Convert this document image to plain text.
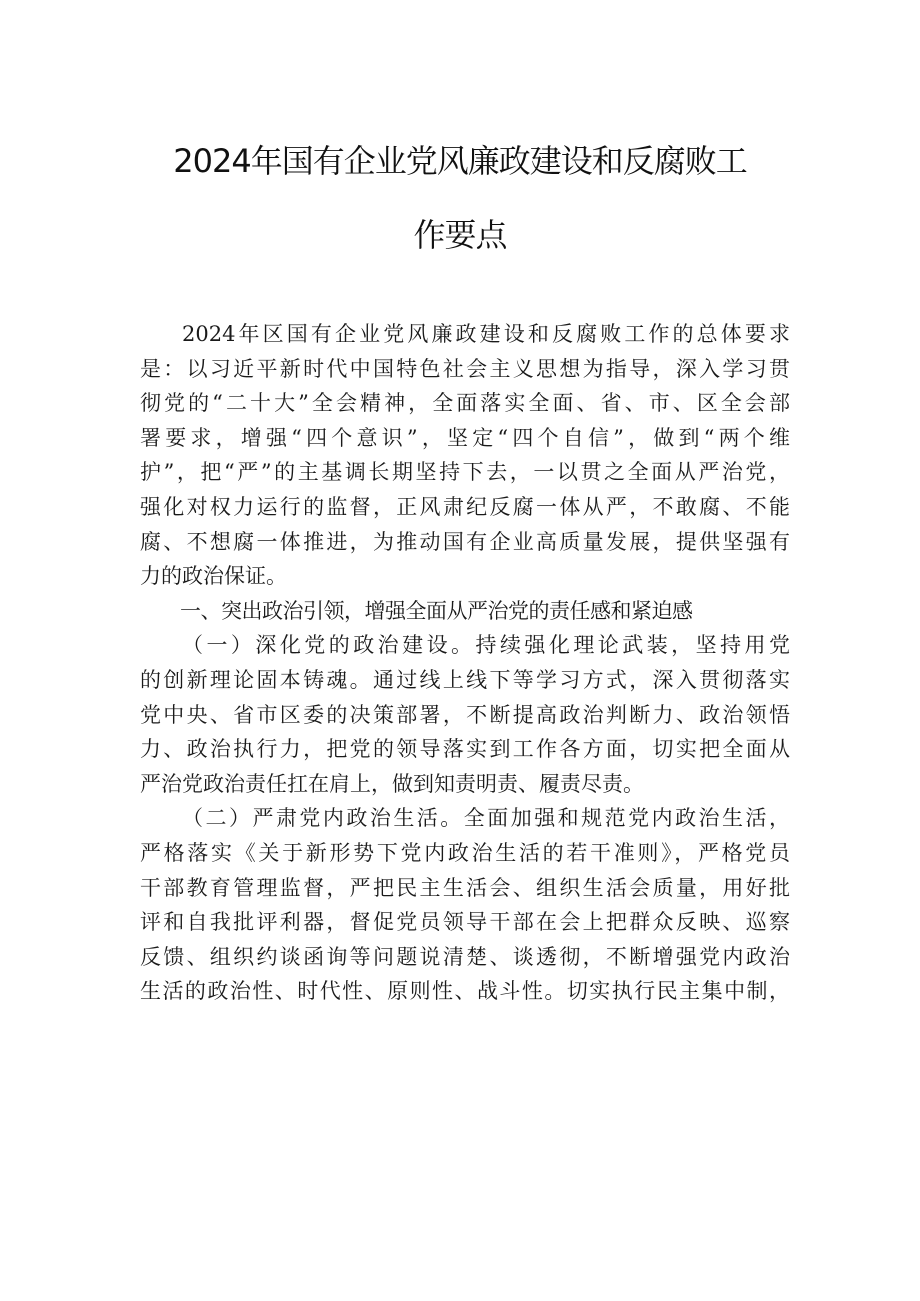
2024年国有企业党风廉政建设和反腐败工
作要点
2024年区国有企业党风廉政建设和反腐败工作的总体要求
是：以习近平新时代中国特色社会主义思想为指导，深入学习贯
彻党的“二十大”全会精神，全面落实全面、省、市、区全会部
署要求，增强“四个意识”，坚定“四个自信”，做到“两个维
护”，把“严”的主基调长期坚持下去，一以贯之全面从严治党，
强化对权力运行的监督，正风肃纪反腐一体从严，不敢腐、不能
腐、不想腐一体推进，为推动国有企业高质量发展，提供坚强有
力的政治保证。
一、突出政治引领，增强全面从严治党的责任感和紧迫感
（一）深化党的政治建设。持续强化理论武装，坚持用党
的创新理论固本铸魂。通过线上线下等学习方式，深入贯彻落实
党中央、省市区委的决策部署，不断提高政治判断力、政治领悟
力、政治执行力，把党的领导落实到工作各方面，切实把全面从
严治党政治责任扛在肩上，做到知责明责、履责尽责。
（二）严肃党内政治生活。全面加强和规范党内政治生活，
严格落实《关于新形势下党内政治生活的若干准则》，严格党员
干部教育管理监督，严把民主生活会、组织生活会质量，用好批
评和自我批评利器，督促党员领导干部在会上把群众反映、巡察
反馈、组织约谈函询等问题说清楚、谈透彻，不断增强党内政治
生活的政治性、时代性、原则性、战斗性。切实执行民主集中制，
